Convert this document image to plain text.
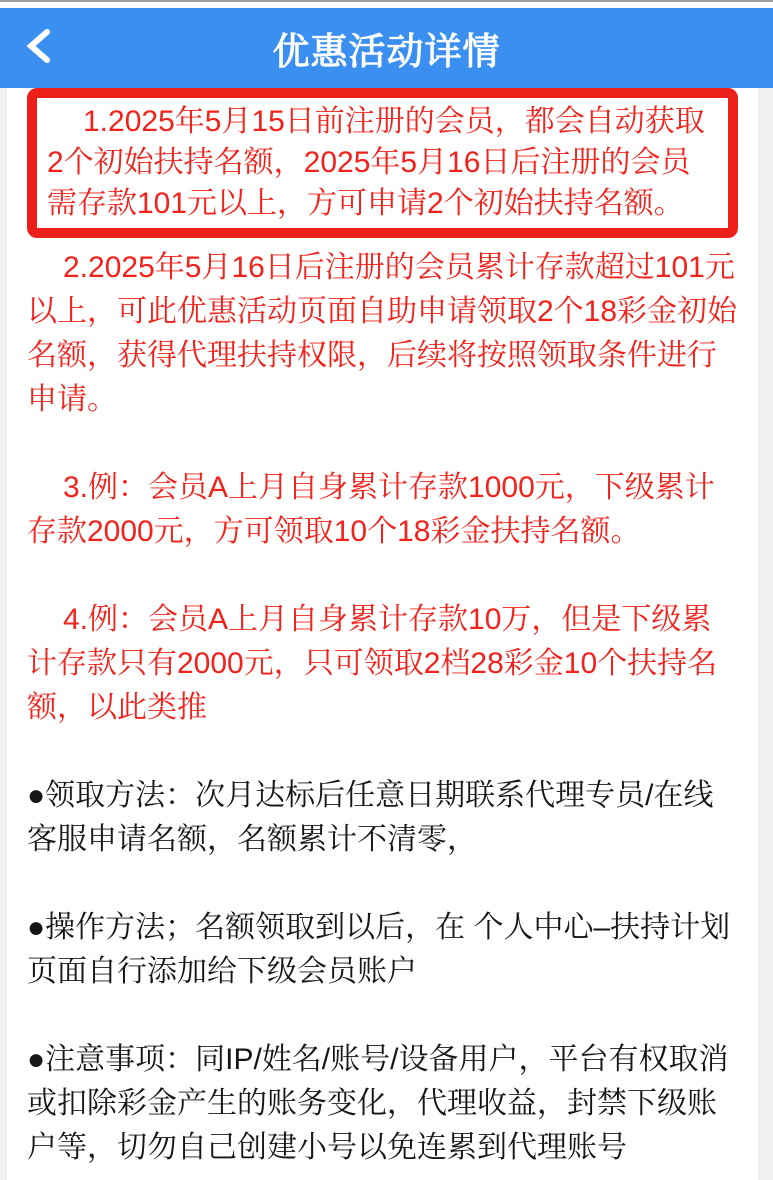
优惠活动详情

1.2025年5月15日前注册的会员，都会自动获取2个初始扶持名额，2025年5月16日后注册的会员需存款101元以上，方可申请2个初始扶持名额。

2.2025年5月16日后注册的会员累计存款超过101元以上，可此优惠活动页面自助申请领取2个18彩金初始名额，获得代理扶持权限，后续将按照领取条件进行申请。

3.例：会员A上月自身累计存款1000元，下级累计存款2000元，方可领取10个18彩金扶持名额。

4.例：会员A上月自身累计存款10万，但是下级累计存款只有2000元，只可领取2档28彩金10个扶持名额，以此类推

●领取方法：次月达标后任意日期联系代理专员/在线客服申请名额，名额累计不清零，

●操作方法；名额领取到以后，在 个人中心–扶持计划页面自行添加给下级会员账户

●注意事项：同IP/姓名/账号/设备用户，平台有权取消或扣除彩金产生的账务变化，代理收益，封禁下级账户等，切勿自己创建小号以免连累到代理账号
